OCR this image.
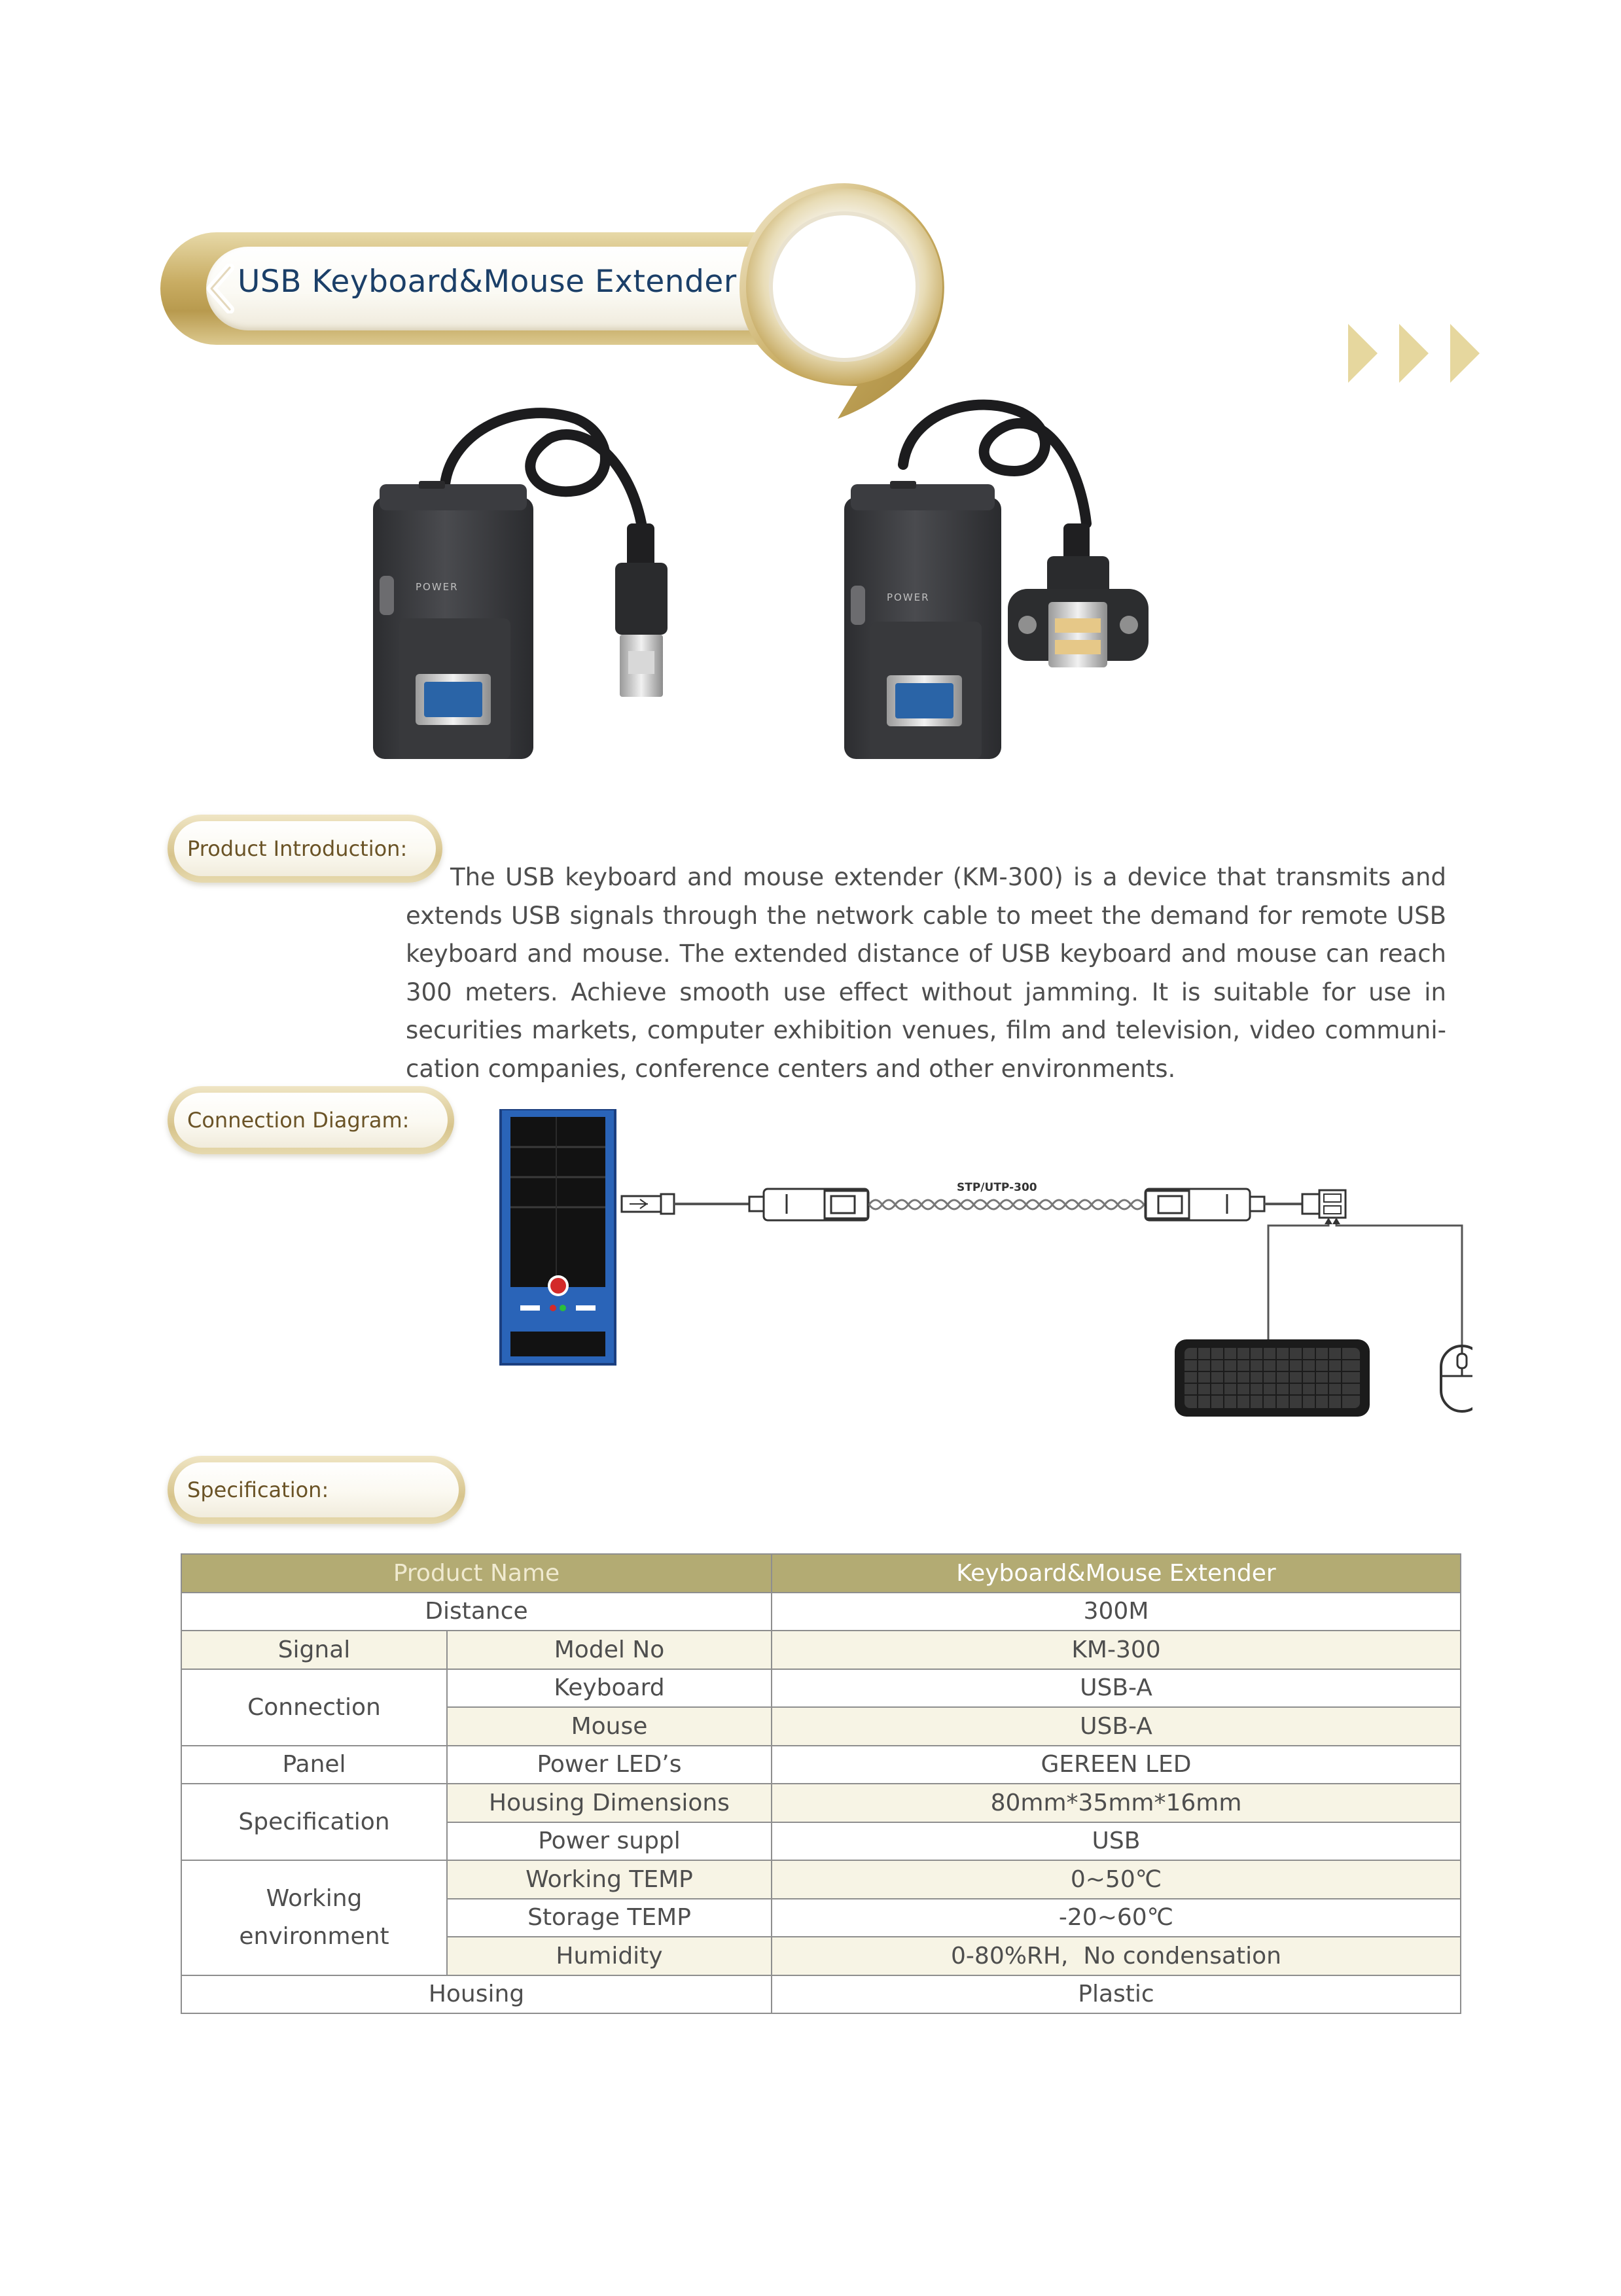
USB Keyboard&Mouse Extender
POWER
POWER
Product Introduction:

The USB keyboard and mouse extender (KM-300) is a device that transmits and extends USB signals through the network cable to meet the demand for remote USB keyboard and mouse. The extended distance of USB keyboard and mouse can reach 300 meters. Achieve smooth use effect without jamming. It is suitable for use in securities markets, computer exhibition venues, film and television, video communi-cation companies, conference centers and other environments.

Connection Diagram:
STP/UTP-300
Specification:
Product Name		Keyboard&Mouse Extender
Distance		300M
Signal	Model No	KM-300
Connection	Keyboard	USB-A
	Mouse	USB-A
Panel	Power LED’s	GEREEN LED
Specification	Housing Dimensions	80mm*35mm*16mm
	Power suppl	USB
Working
environment	Working TEMP	0~50℃
	Storage TEMP	-20~60℃
	Humidity	0-80%RH,  No condensation
Housing		Plastic
